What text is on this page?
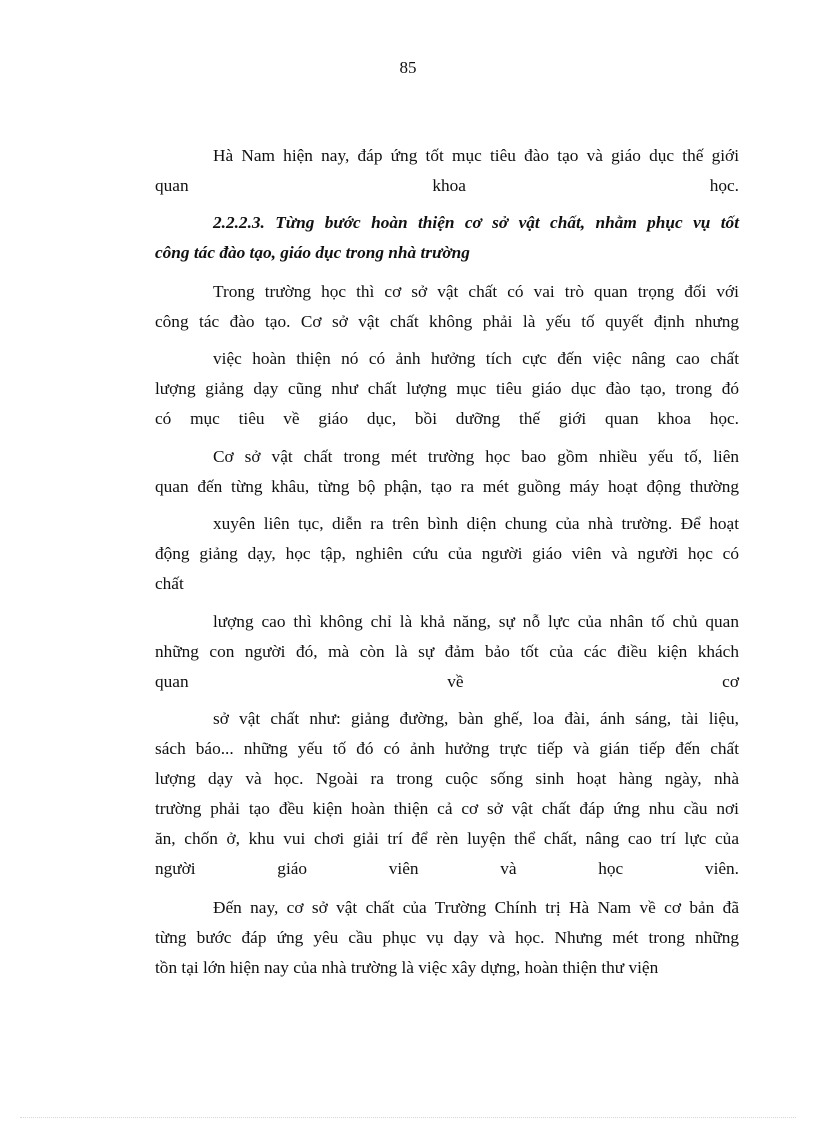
85
Hà Nam hiện nay, đáp ứng tốt mục tiêu đào tạo và giáo dục thế giới
quan khoa học.
2.2.2.3. Từng bước hoàn thiện cơ sở vật chất, nhằm phục vụ tốt
công tác đào tạo, giáo dục trong nhà trường
Trong trường học thì cơ sở vật chất có vai trò quan trọng đối với
công tác đào tạo. Cơ sở vật chất không phải là yếu tố quyết định nhưng
việc hoàn thiện nó có ảnh hưởng tích cực đến việc nâng cao chất
lượng giảng dạy cũng như chất lượng mục tiêu giáo dục đào tạo, trong đó
có mục tiêu về giáo dục, bồi dưỡng thế giới quan khoa học.
Cơ sở vật chất trong mét trường học bao gồm nhiều yếu tố, liên
quan đến từng khâu, từng bộ phận, tạo ra mét guồng máy hoạt động thường
xuyên liên tục, diễn ra trên bình diện chung của nhà trường. Để hoạt
động giảng dạy, học tập, nghiên cứu của người giáo viên và người học có
chất
lượng cao thì không chỉ là khả năng, sự nỗ lực của nhân tố chủ quan
những con người đó, mà còn là sự đảm bảo tốt của các điều kiện khách
quan về cơ
sở vật chất như: giảng đường, bàn ghế, loa đài, ánh sáng, tài liệu,
sách báo... những yếu tố đó có ảnh hưởng trực tiếp và gián tiếp đến chất
lượng dạy và học. Ngoài ra trong cuộc sống sinh hoạt hàng ngày, nhà
trường phải tạo đều kiện hoàn thiện cả cơ sở vật chất đáp ứng nhu cầu nơi
ăn, chốn ở, khu vui chơi giải trí để rèn luyện thể chất, nâng cao trí lực của
người giáo viên và học viên.
Đến nay, cơ sở vật chất của Trường Chính trị Hà Nam về cơ bản đã
từng bước đáp ứng yêu cầu phục vụ dạy và học. Nhưng mét trong những
tồn tại lớn hiện nay của nhà trường là việc xây dựng, hoàn thiện thư viện
